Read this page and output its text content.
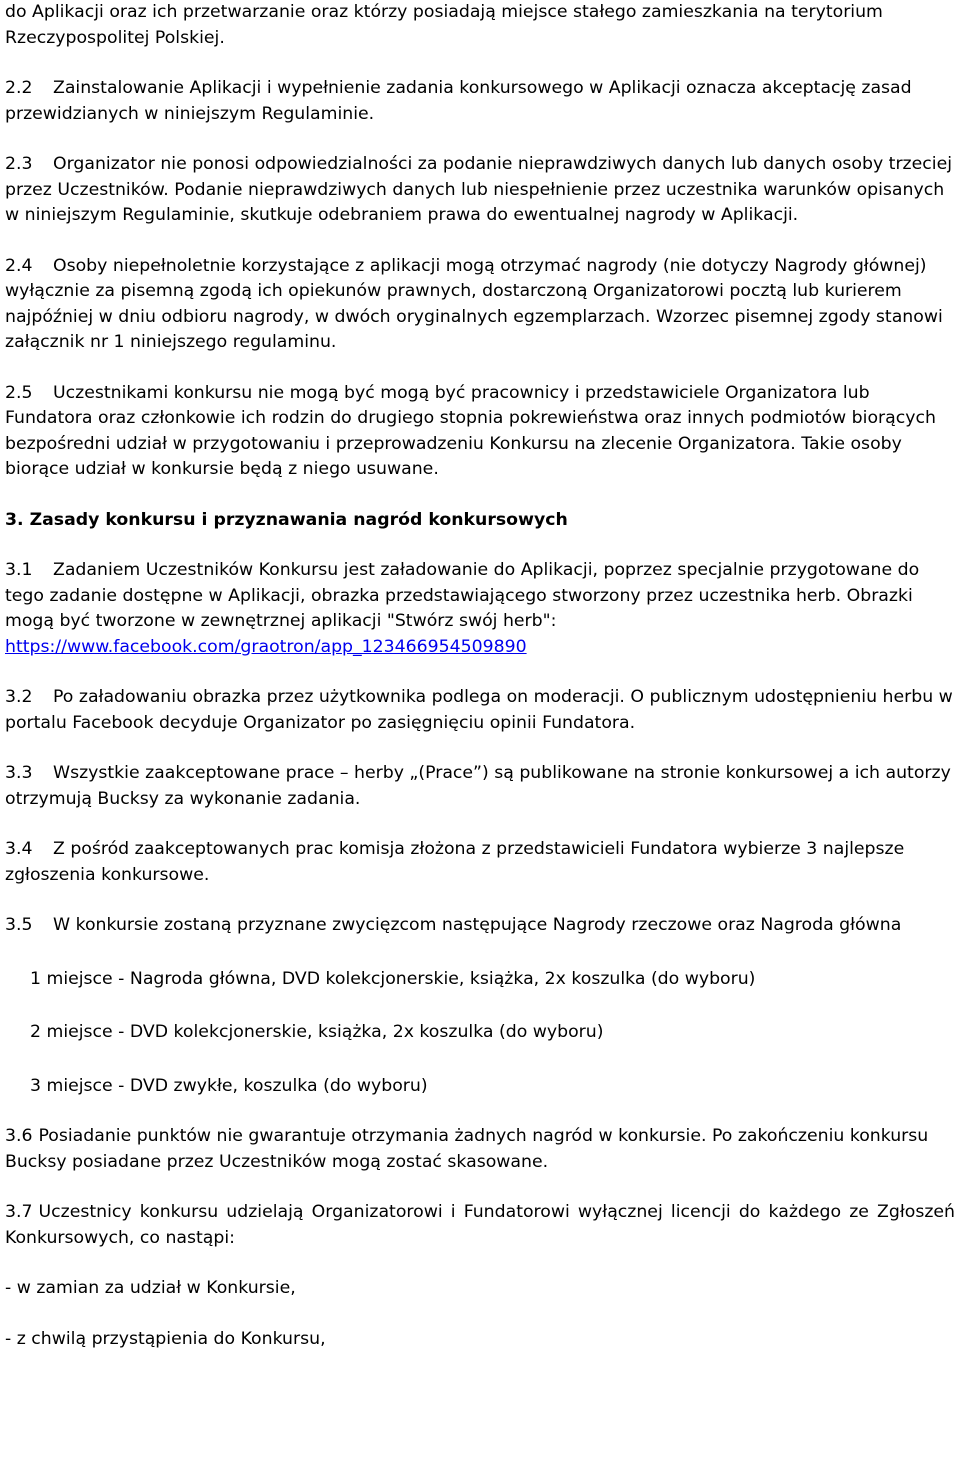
do Aplikacji oraz ich przetwarzanie oraz którzy posiadają miejsce stałego zamieszkania na terytorium
Rzeczypospolitej Polskiej.

2.2 Zainstalowanie Aplikacji i wypełnienie zadania konkursowego w Aplikacji oznacza akceptację zasad przewidzianych w niniejszym Regulaminie.

2.3 Organizator nie ponosi odpowiedzialności za podanie nieprawdziwych danych lub danych osoby trzeciej przez Uczestników. Podanie nieprawdziwych danych lub niespełnienie przez uczestnika warunków opisanych w niniejszym Regulaminie, skutkuje odebraniem prawa do ewentualnej nagrody w Aplikacji.

2.4 Osoby niepełnoletnie korzystające z aplikacji mogą otrzymać nagrody (nie dotyczy Nagrody głównej) wyłącznie za pisemną zgodą ich opiekunów prawnych, dostarczoną Organizatorowi pocztą lub kurierem najpóźniej w dniu odbioru nagrody, w dwóch oryginalnych egzemplarzach. Wzorzec pisemnej zgody stanowi załącznik nr 1 niniejszego regulaminu.

2.5 Uczestnikami konkursu nie mogą być mogą być pracownicy i przedstawiciele Organizatora lub Fundatora oraz członkowie ich rodzin do drugiego stopnia pokrewieństwa oraz innych podmiotów biorących bezpośredni udział w przygotowaniu i przeprowadzeniu Konkursu na zlecenie Organizatora. Takie osoby biorące udział w konkursie będą z niego usuwane.

3. Zasady konkursu i przyznawania nagród konkursowych

3.1 Zadaniem Uczestników Konkursu jest załadowanie do Aplikacji, poprzez specjalnie przygotowane do tego zadanie dostępne w Aplikacji, obrazka przedstawiającego stworzony przez uczestnika herb. Obrazki mogą być tworzone w zewnętrznej aplikacji "Stwórz swój herb":
https://www.facebook.com/graotron/app_123466954509890

3.2 Po załadowaniu obrazka przez użytkownika podlega on moderacji. O publicznym udostępnieniu herbu w portalu Facebook decyduje Organizator po zasięgnięciu opinii Fundatora.

3.3 Wszystkie zaakceptowane prace – herby „(Prace”) są publikowane na stronie konkursowej a ich autorzy otrzymują Bucksy za wykonanie zadania.

3.4 Z pośród zaakceptowanych prac komisja złożona z przedstawicieli Fundatora wybierze 3 najlepsze zgłoszenia konkursowe.

3.5 W konkursie zostaną przyznane zwycięzcom następujące Nagrody rzeczowe oraz Nagroda główna

1 miejsce - Nagroda główna, DVD kolekcjonerskie, książka, 2x koszulka (do wyboru)

2 miejsce - DVD kolekcjonerskie, książka, 2x koszulka (do wyboru)

3 miejsce - DVD zwykłe, koszulka (do wyboru)

3.6 Posiadanie punktów nie gwarantuje otrzymania żadnych nagród w konkursie. Po zakończeniu konkursu Bucksy posiadane przez Uczestników mogą zostać skasowane.

3.7 Uczestnicy konkursu udzielają Organizatorowi i Fundatorowi wyłącznej licencji do każdego ze Zgłoszeń Konkursowych, co nastąpi:

- w zamian za udział w Konkursie,

- z chwilą przystąpienia do Konkursu,
